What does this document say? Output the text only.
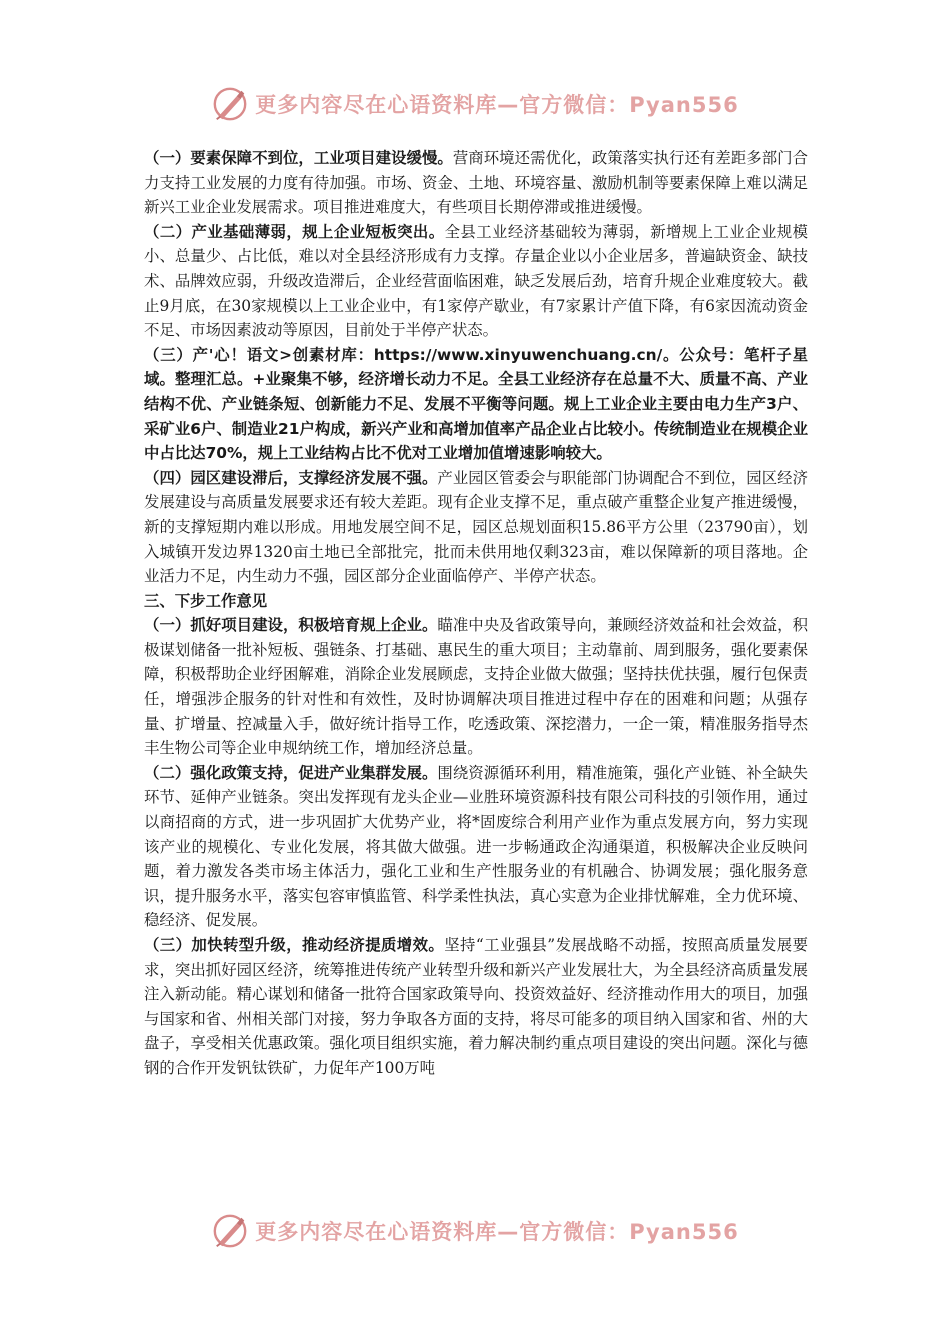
更多内容尽在心语资料库—官方微信：Pyan556

（一）要素保障不到位，工业项目建设缓慢。营商环境还需优化，政策落实执行还有差距多部门合力支持工业发展的力度有待加强。市场、资金、土地、环境容量、激励机制等要素保障上难以满足新兴工业企业发展需求。项目推进难度大，有些项目长期停滞或推进缓慢。

（二）产业基础薄弱，规上企业短板突出。全县工业经济基础较为薄弱，新增规上工业企业规模小、总量少、占比低，难以对全县经济形成有力支撑。存量企业以小企业居多，普遍缺资金、缺技术、品牌效应弱，升级改造滞后，企业经营面临困难，缺乏发展后劲，培育升规企业难度较大。截止9月底，在30家规模以上工业企业中，有1家停产歇业，有7家累计产值下降，有6家因流动资金不足、市场因素波动等原因，目前处于半停产状态。

（三）产'心！语文>创素材库：https://www.xinyuwenchuang.cn/。公众号：笔杆子星域。整理汇总。+业聚集不够，经济增长动力不足。全县工业经济存在总量不大、质量不高、产业结构不优、产业链条短、创新能力不足、发展不平衡等问题。规上工业企业主要由电力生产3户、采矿业6户、制造业21户构成，新兴产业和高增加值率产品企业占比较小。传统制造业在规模企业中占比达70%，规上工业结构占比不优对工业增加值增速影响较大。

（四）园区建设滞后，支撑经济发展不强。产业园区管委会与职能部门协调配合不到位，园区经济发展建设与高质量发展要求还有较大差距。现有企业支撑不足，重点破产重整企业复产推进缓慢，新的支撑短期内难以形成。用地发展空间不足，园区总规划面积15.86平方公里（23790亩），划入城镇开发边界1320亩土地已全部批完，批而未供用地仅剩323亩，难以保障新的项目落地。企业活力不足，内生动力不强，园区部分企业面临停产、半停产状态。

三、下步工作意见

（一）抓好项目建设，积极培育规上企业。瞄准中央及省政策导向，兼顾经济效益和社会效益，积极谋划储备一批补短板、强链条、打基础、惠民生的重大项目；主动靠前、周到服务，强化要素保障，积极帮助企业纾困解难，消除企业发展顾虑，支持企业做大做强；坚持扶优扶强，履行包保责任，增强涉企服务的针对性和有效性，及时协调解决项目推进过程中存在的困难和问题；从强存量、扩增量、控减量入手，做好统计指导工作，吃透政策、深挖潜力，一企一策，精准服务指导杰丰生物公司等企业申规纳统工作，增加经济总量。

（二）强化政策支持，促进产业集群发展。围绕资源循环利用，精准施策，强化产业链、补全缺失环节、延伸产业链条。突出发挥现有龙头企业—业胜环境资源科技有限公司科技的引领作用，通过以商招商的方式，进一步巩固扩大优势产业，将*固废综合利用产业作为重点发展方向，努力实现该产业的规模化、专业化发展，将其做大做强。进一步畅通政企沟通渠道，积极解决企业反映问题，着力激发各类市场主体活力，强化工业和生产性服务业的有机融合、协调发展；强化服务意识，提升服务水平，落实包容审慎监管、科学柔性执法，真心实意为企业排忧解难，全力优环境、稳经济、促发展。

（三）加快转型升级，推动经济提质增效。坚持“工业强县”发展战略不动摇，按照高质量发展要求，突出抓好园区经济，统筹推进传统产业转型升级和新兴产业发展壮大，为全县经济高质量发展注入新动能。精心谋划和储备一批符合国家政策导向、投资效益好、经济推动作用大的项目，加强与国家和省、州相关部门对接，努力争取各方面的支持，将尽可能多的项目纳入国家和省、州的大盘子，享受相关优惠政策。强化项目组织实施，着力解决制约重点项目建设的突出问题。深化与德钢的合作开发钒钛铁矿，力促年产100万吨

更多内容尽在心语资料库—官方微信：Pyan556
